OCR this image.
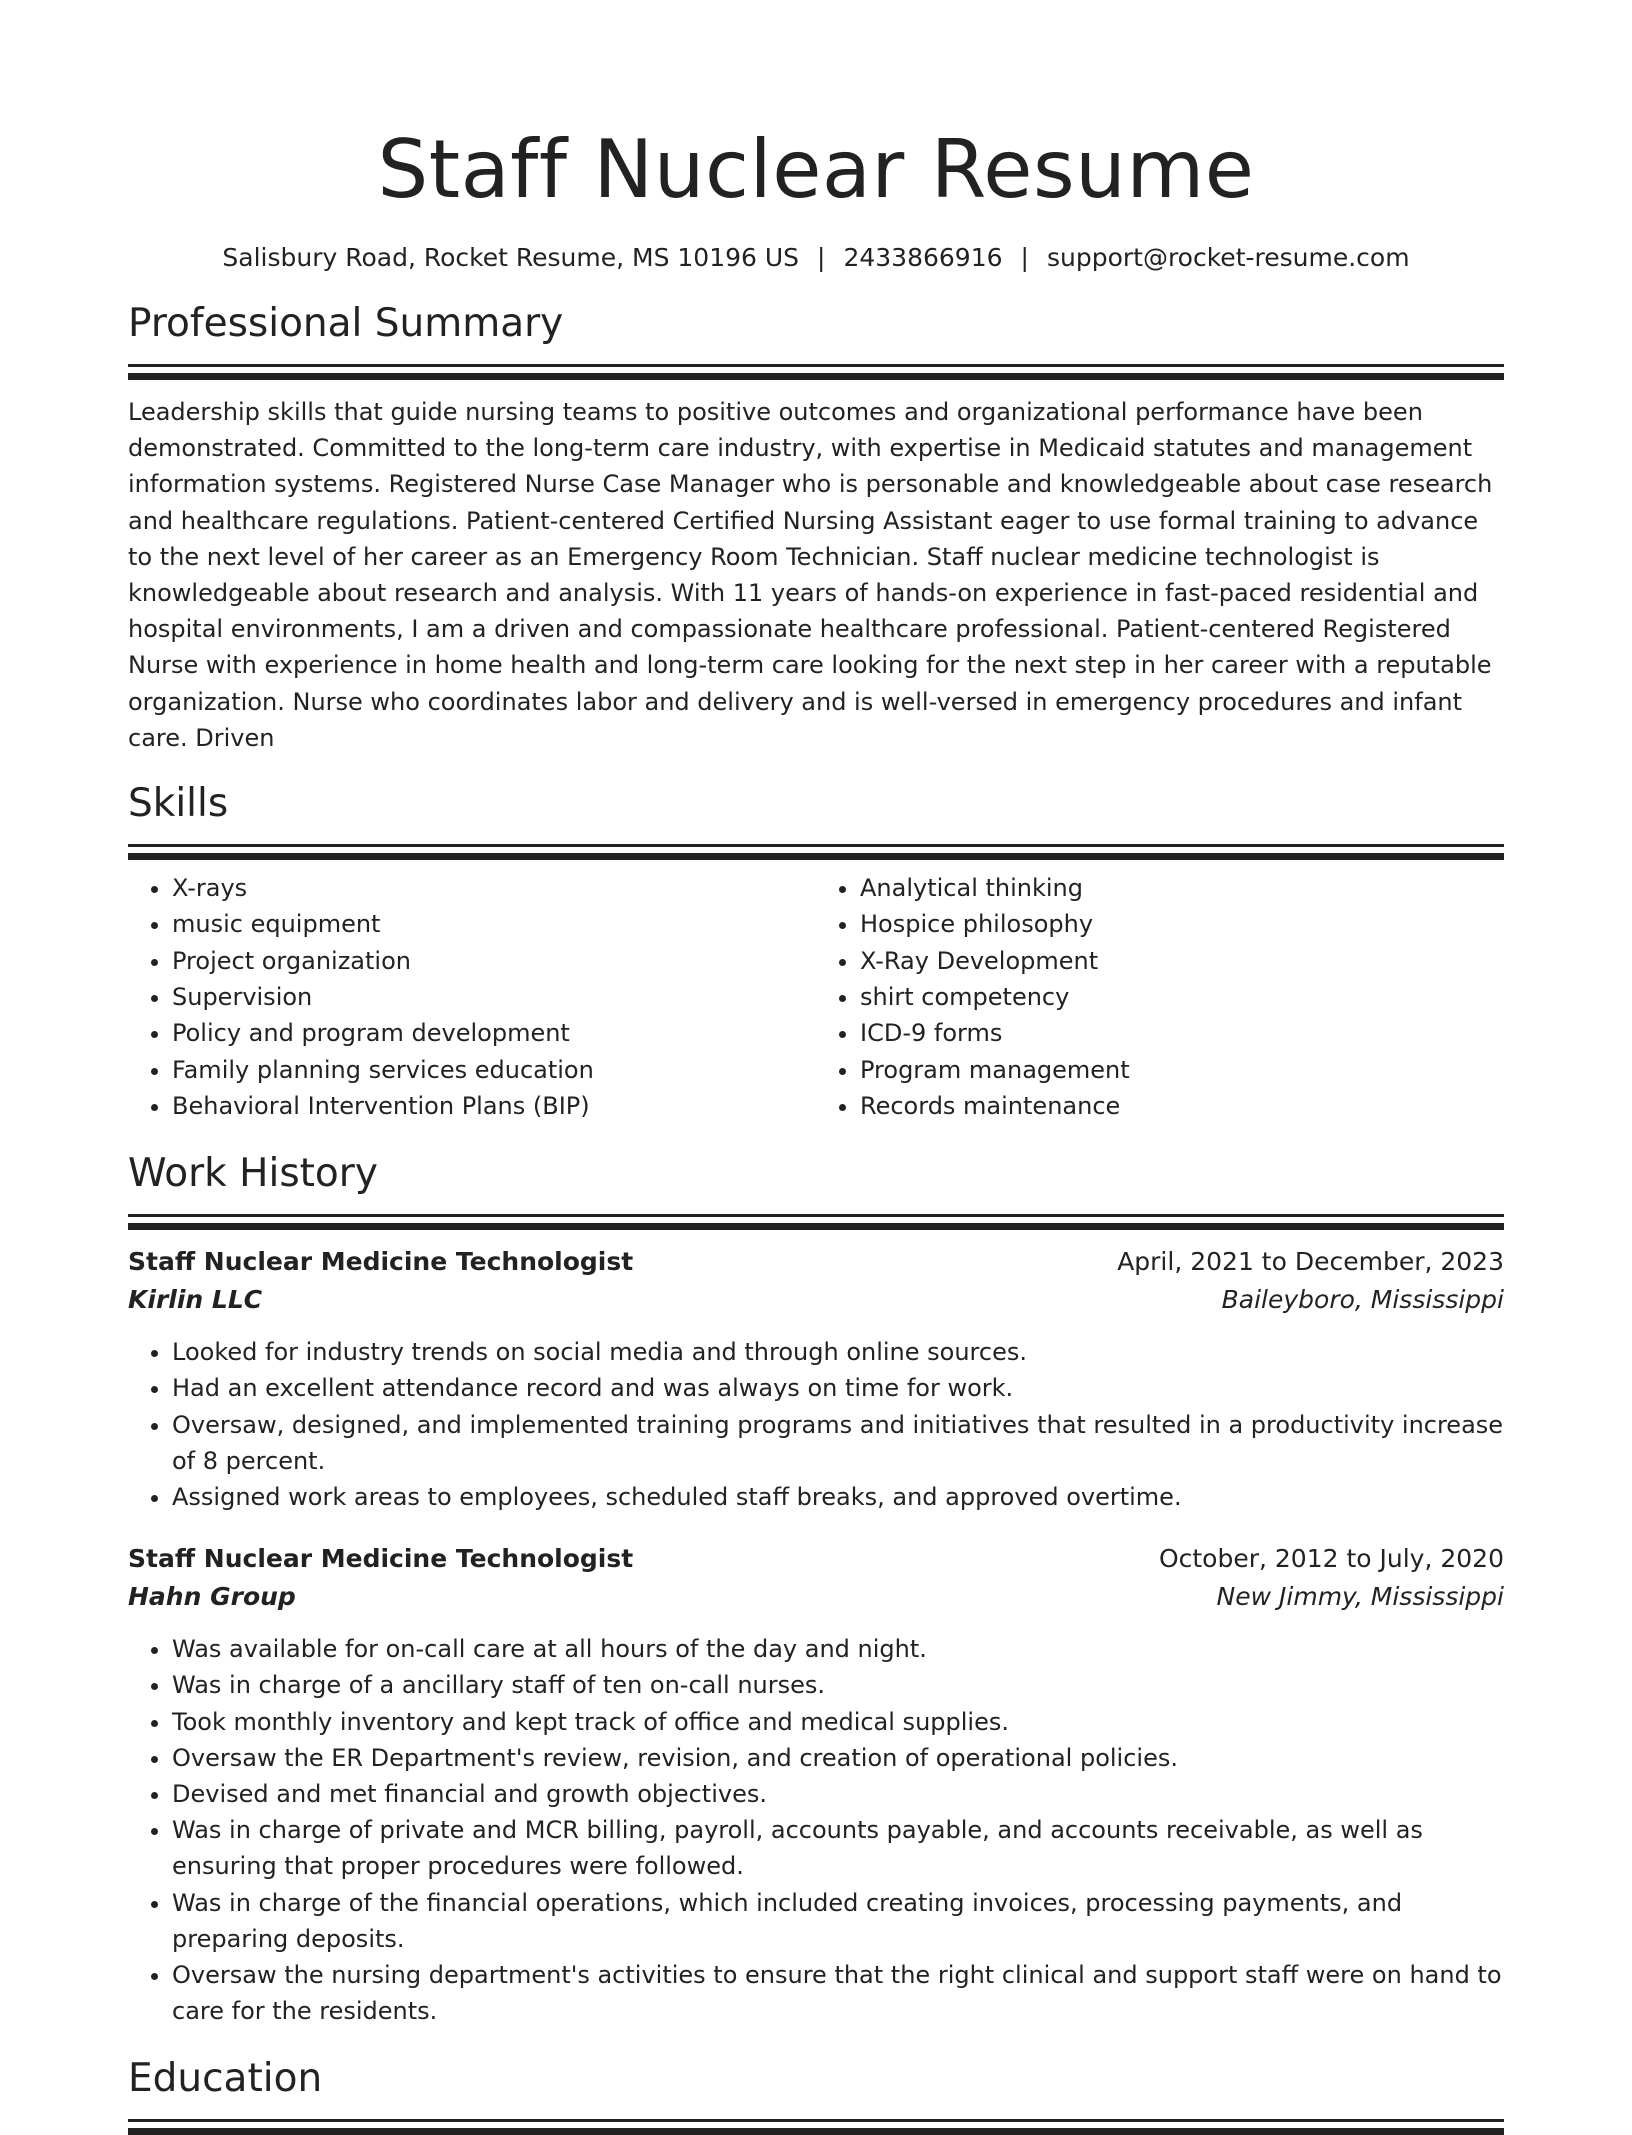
Staff Nuclear Resume
Salisbury Road, Rocket Resume, MS 10196 US | 2433866916 | support@rocket-resume.com
Professional Summary

Leadership skills that guide nursing teams to positive outcomes and organizational performance have been demonstrated. Committed to the long-term care industry, with expertise in Medicaid statutes and management information systems. Registered Nurse Case Manager who is personable and knowledgeable about case research and healthcare regulations. Patient-centered Certified Nursing Assistant eager to use formal training to advance to the next level of her career as an Emergency Room Technician. Staff nuclear medicine technologist is knowledgeable about research and analysis. With 11 years of hands-on experience in fast-paced residential and hospital environments, I am a driven and compassionate healthcare professional. Patient-centered Registered Nurse with experience in home health and long-term care looking for the next step in her career with a reputable organization. Nurse who coordinates labor and delivery and is well-versed in emergency procedures and infant care. Driven

Skills
• X-rays
• music equipment
• Project organization
• Supervision
• Policy and program development
• Family planning services education
• Behavioral Intervention Plans (BIP)
• Analytical thinking
• Hospice philosophy
• X-Ray Development
• shirt competency
• ICD-9 forms
• Program management
• Records maintenance
Work History
Staff Nuclear Medicine Technologist	April, 2021 to December, 2023
Kirlin LLC	Baileyboro, Mississippi
• Looked for industry trends on social media and through online sources.
• Had an excellent attendance record and was always on time for work.
• Oversaw, designed, and implemented training programs and initiatives that resulted in a productivity increase of 8 percent.
• Assigned work areas to employees, scheduled staff breaks, and approved overtime.
Staff Nuclear Medicine Technologist	October, 2012 to July, 2020
Hahn Group	New Jimmy, Mississippi
• Was available for on-call care at all hours of the day and night.
• Was in charge of a ancillary staff of ten on-call nurses.
• Took monthly inventory and kept track of office and medical supplies.
• Oversaw the ER Department's review, revision, and creation of operational policies.
• Devised and met financial and growth objectives.
• Was in charge of private and MCR billing, payroll, accounts payable, and accounts receivable, as well as ensuring that proper procedures were followed.
• Was in charge of the financial operations, which included creating invoices, processing payments, and preparing deposits.
• Oversaw the nursing department's activities to ensure that the right clinical and support staff were on hand to care for the residents.
Education
